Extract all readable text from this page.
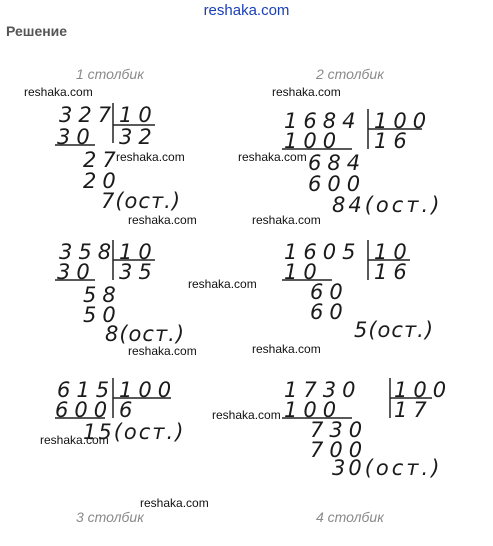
reshaka.com
Решение
1 столбик	2 столбик
3 столбик	4 столбик
reshaka.com	reshaka.com
reshaka.com	reshaka.com
reshaka.com	reshaka.com
reshaka.com
reshaka.com	reshaka.com
reshaka.com
reshaka.com
reshaka.com
327 10
32
30
27
20
7(ост.)
1684 100
16
100
684
600
84(ост.)
358 10
35
30
58
50
8(ост.)
1605 10
16
10
60
60
5(ост.)
615 100
6
600
15(ост.)
1730 100
17
100
730
700
30(ост.)
